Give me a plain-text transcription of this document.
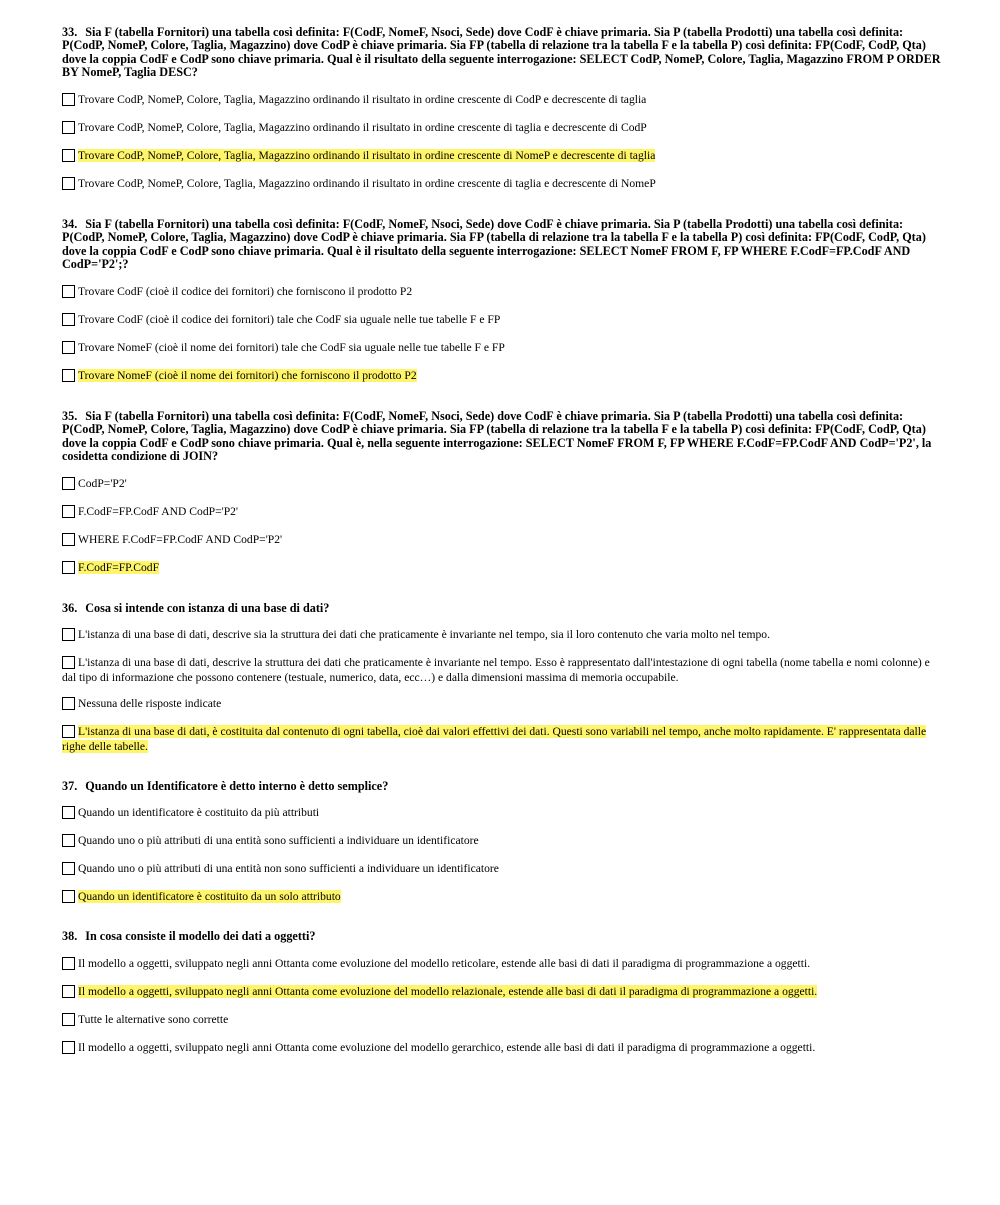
33. Sia F (tabella Fornitori) una tabella così definita: F(CodF, NomeF, Nsoci, Sede) dove CodF è chiave primaria. Sia P (tabella Prodotti) una tabella così definita: P(CodP, NomeP, Colore, Taglia, Magazzino) dove CodP è chiave primaria. Sia FP (tabella di relazione tra la tabella F e la tabella P) così definita: FP(CodF, CodP, Qta) dove la coppia CodF e CodP sono chiave primaria. Qual è il risultato della seguente interrogazione: SELECT CodP, NomeP, Colore, Taglia, Magazzino FROM P ORDER BY NomeP, Taglia DESC?

Trovare CodP, NomeP, Colore, Taglia, Magazzino ordinando il risultato in ordine crescente di CodP e decrescente di taglia
Trovare CodP, NomeP, Colore, Taglia, Magazzino ordinando il risultato in ordine crescente di taglia e decrescente di CodP
Trovare CodP, NomeP, Colore, Taglia, Magazzino ordinando il risultato in ordine crescente di NomeP e decrescente di taglia
Trovare CodP, NomeP, Colore, Taglia, Magazzino ordinando il risultato in ordine crescente di taglia e decrescente di NomeP

34. Sia F (tabella Fornitori) una tabella così definita: F(CodF, NomeF, Nsoci, Sede) dove CodF è chiave primaria. Sia P (tabella Prodotti) una tabella così definita: P(CodP, NomeP, Colore, Taglia, Magazzino) dove CodP è chiave primaria. Sia FP (tabella di relazione tra la tabella F e la tabella P) così definita: FP(CodF, CodP, Qta) dove la coppia CodF e CodP sono chiave primaria. Qual è il risultato della seguente interrogazione: SELECT NomeF FROM F, FP WHERE F.CodF=FP.CodF AND CodP='P2';?

Trovare CodF (cioè il codice dei fornitori) che forniscono il prodotto P2
Trovare CodF (cioè il codice dei fornitori) tale che CodF sia uguale nelle tue tabelle F e FP
Trovare NomeF (cioè il nome dei fornitori) tale che CodF sia uguale nelle tue tabelle F e FP
Trovare NomeF (cioè il nome dei fornitori) che forniscono il prodotto P2

35. Sia F (tabella Fornitori) una tabella così definita: F(CodF, NomeF, Nsoci, Sede) dove CodF è chiave primaria. Sia P (tabella Prodotti) una tabella così definita: P(CodP, NomeP, Colore, Taglia, Magazzino) dove CodP è chiave primaria. Sia FP (tabella di relazione tra la tabella F e la tabella P) così definita: FP(CodF, CodP, Qta) dove la coppia CodF e CodP sono chiave primaria. Qual è, nella seguente interrogazione: SELECT NomeF FROM F, FP WHERE F.CodF=FP.CodF AND CodP='P2', la cosidetta condizione di JOIN?

CodP='P2'
F.CodF=FP.CodF AND CodP='P2'
WHERE F.CodF=FP.CodF AND CodP='P2'
F.CodF=FP.CodF

36. Cosa si intende con istanza di una base di dati?

L'istanza di una base di dati, descrive sia la struttura dei dati che praticamente è invariante nel tempo, sia il loro contenuto che varia molto nel tempo.
L'istanza di una base di dati, descrive la struttura dei dati che praticamente è invariante nel tempo. Esso è rappresentato dall'intestazione di ogni tabella (nome tabella e nomi colonne) e dal tipo di informazione che possono contenere (testuale, numerico, data, ecc…) e dalla dimensioni massima di memoria occupabile.
Nessuna delle risposte indicate
L'istanza di una base di dati, è costituita dal contenuto di ogni tabella, cioè dai valori effettivi dei dati. Questi sono variabili nel tempo, anche molto rapidamente. E' rappresentata dalle righe delle tabelle.

37. Quando un Identificatore è detto interno è detto semplice?

Quando un identificatore è costituito da più attributi
Quando uno o più attributi di una entità sono sufficienti a individuare un identificatore
Quando uno o più attributi di una entità non sono sufficienti a individuare un identificatore
Quando un identificatore è costituito da un solo attributo

38. In cosa consiste il modello dei dati a oggetti?

Il modello a oggetti, sviluppato negli anni Ottanta come evoluzione del modello reticolare, estende alle basi di dati il paradigma di programmazione a oggetti.
Il modello a oggetti, sviluppato negli anni Ottanta come evoluzione del modello relazionale, estende alle basi di dati il paradigma di programmazione a oggetti.
Tutte le alternative sono corrette
Il modello a oggetti, sviluppato negli anni Ottanta come evoluzione del modello gerarchico, estende alle basi di dati il paradigma di programmazione a oggetti.
